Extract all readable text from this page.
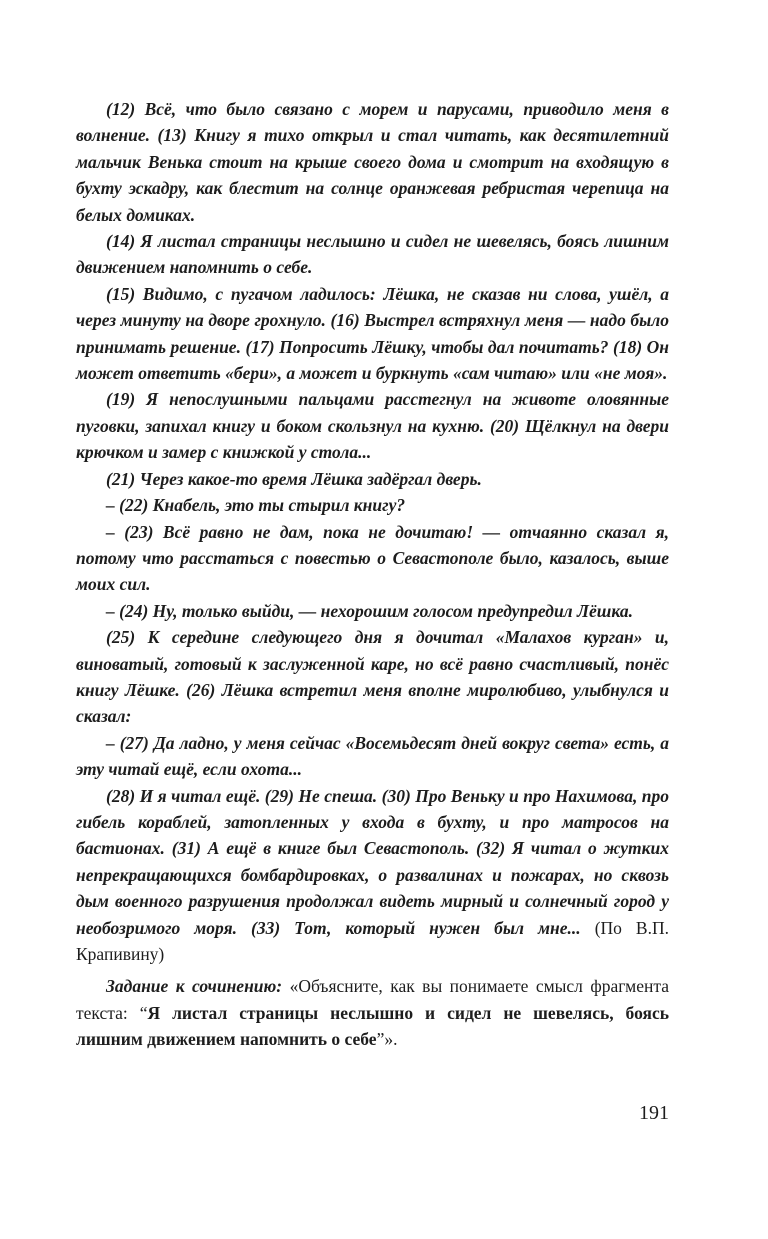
(12) Всё, что было связано с морем и парусами, приводило меня в волнение. (13) Книгу я тихо открыл и стал читать, как десятилетний мальчик Венька стоит на крыше своего дома и смотрит на входящую в бухту эскадру, как блестит на солнце оранжевая ребристая черепица на белых домиках.

(14) Я листал страницы неслышно и сидел не шевелясь, боясь лишним движением напомнить о себе.

(15) Видимо, с пугачом ладилось: Лёшка, не сказав ни слова, ушёл, а через минуту на дворе грохнуло. (16) Выстрел встряхнул меня — надо было принимать решение. (17) Попросить Лёшку, чтобы дал почитать? (18) Он может ответить «бери», а может и буркнуть «сам читаю» или «не моя».

(19) Я непослушными пальцами расстегнул на животе оловянные пуговки, запихал книгу и боком скользнул на кухню. (20) Щёлкнул на двери крючком и замер с книжкой у стола...

(21) Через какое-то время Лёшка задёргал дверь.

– (22) Кнабель, это ты стырил книгу?

– (23) Всё равно не дам, пока не дочитаю! — отчаянно сказал я, потому что расстаться с повестью о Севастополе было, казалось, выше моих сил.

– (24) Ну, только выйди, — нехорошим голосом предупредил Лёшка.

(25) К середине следующего дня я дочитал «Малахов курган» и, виноватый, готовый к заслуженной каре, но всё равно счастливый, понёс книгу Лёшке. (26) Лёшка встретил меня вполне миролюбиво, улыбнулся и сказал:

– (27) Да ладно, у меня сейчас «Восемьдесят дней вокруг света» есть, а эту читай ещё, если охота...

(28) И я читал ещё. (29) Не спеша. (30) Про Веньку и про Нахимова, про гибель кораблей, затопленных у входа в бухту, и про матросов на бастионах. (31) А ещё в книге был Севастополь. (32) Я читал о жутких непрекращающихся бомбардировках, о развалинах и пожарах, но сквозь дым военного разрушения продолжал видеть мирный и солнечный город у необозримого моря. (33) Тот, который нужен был мне... (По В.П. Крапивину)

Задание к сочинению: «Объясните, как вы понимаете смысл фрагмента текста: “Я листал страницы неслышно и сидел не шевелясь, боясь лишним движением напомнить о себе”».

191
